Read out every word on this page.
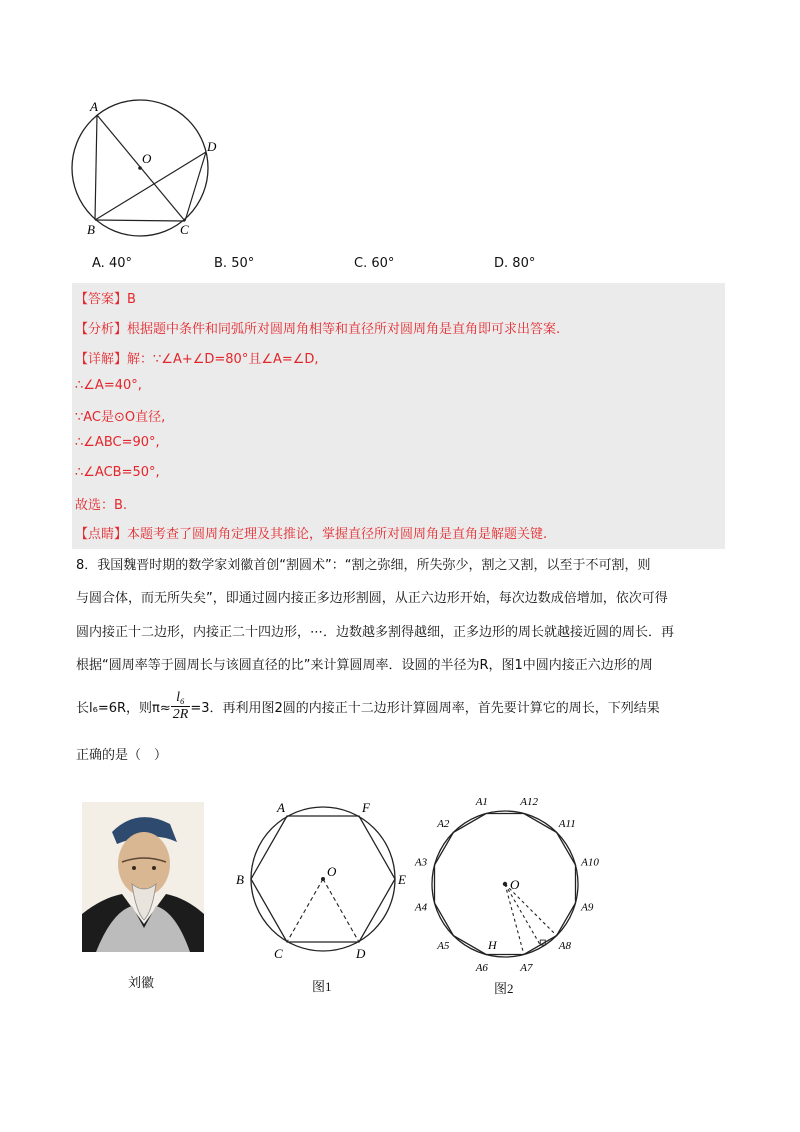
A
O
D
B	C
A. 40°	B. 50°	C. 60°	D. 80°
【答案】B
【分析】根据题中条件和同弧所对圆周角相等和直径所对圆周角是直角即可求出答案.
【详解】解：∵∠A+∠D=80°且∠A=∠D,
∴∠A=40°,
∵AC是⊙O直径,
∴∠ABC=90°,
∴∠ACB=50°,
故选：B.
【点睛】本题考查了圆周角定理及其推论，掌握直径所对圆周角是直角是解题关键.
8．我国魏晋时期的数学家刘徽首创“割圆术”：“割之弥细，所失弥少，割之又割，以至于不可割，则
与圆合体，而无所失矣”，即通过圆内接正多边形割圆，从正六边形开始，每次边数成倍增加，依次可得
圆内接正十二边形，内接正二十四边形，⋯．边数越多割得越细，正多边形的周长就越接近圆的周长．再
根据“圆周率等于圆周长与该圆直径的比”来计算圆周率．设圆的半径为R，图1中圆内接正六边形的周
长l₆=6R，则$\pi\approx \frac{\text{l₆}}{2R} =3$．再利用图2圆的内接正十二边形计算圆周率，首先要计算它的周长，下列结果
正确的是（　）
刘徽
A	F
B	E
C	D
O
图1
O
H
A1	A12
A2	A11
A3	A10
A4	A9
A5	A8
A6	A7
图2
